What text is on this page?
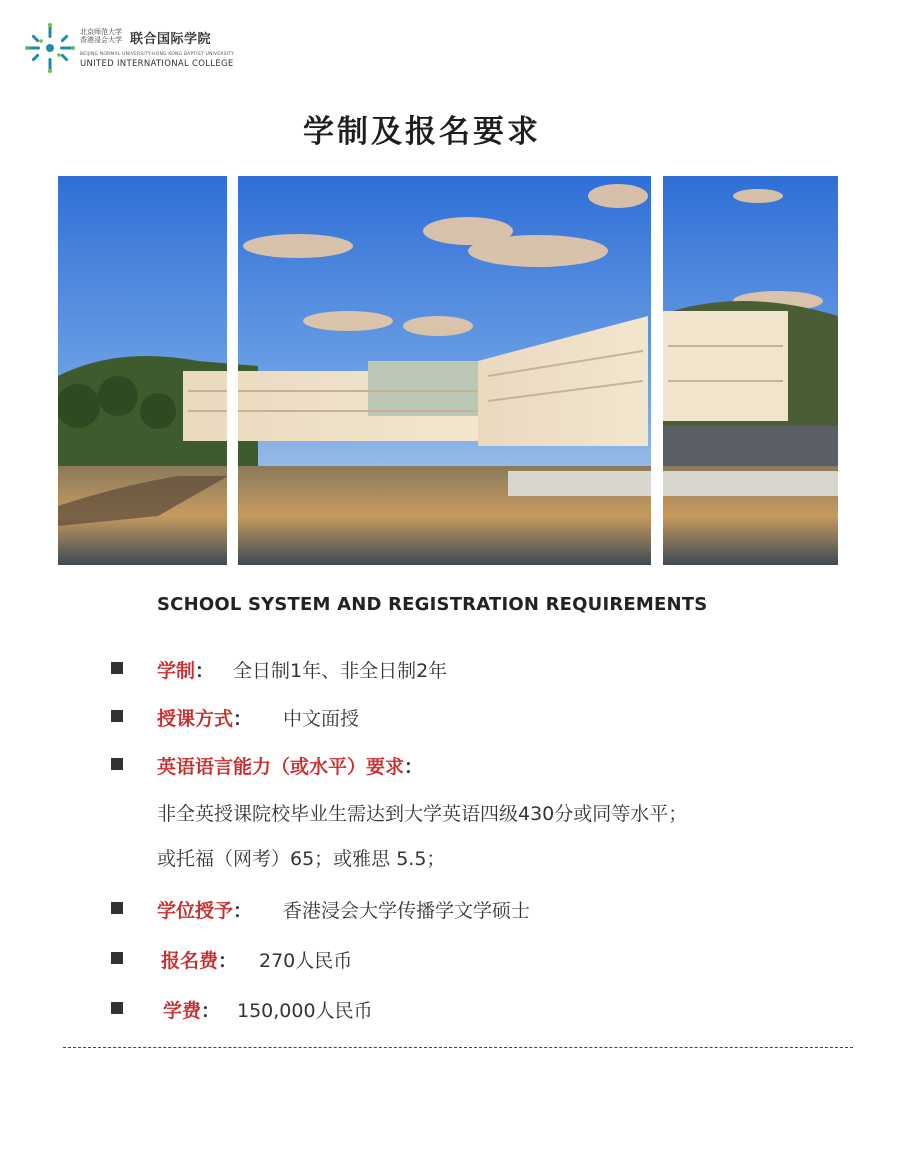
北京师范大学
香港浸会大学 联合国际学院
BEIJING NORMAL UNIVERSITY-HONG KONG BAPTIST UNIVERSITY
UNITED INTERNATIONAL COLLEGE
学制及报名要求
SCHOOL SYSTEM AND REGISTRATION REQUIREMENTS
学制： 全日制1年、非全日制2年
授课方式： 中文面授
英语语言能力（或水平）要求：
非全英授课院校毕业生需达到大学英语四级430分或同等水平；
或托福（网考）65；或雅思 5.5；
学位授予： 香港浸会大学传播学文学硕士
报名费： 270人民币
学费： 150,000人民币
